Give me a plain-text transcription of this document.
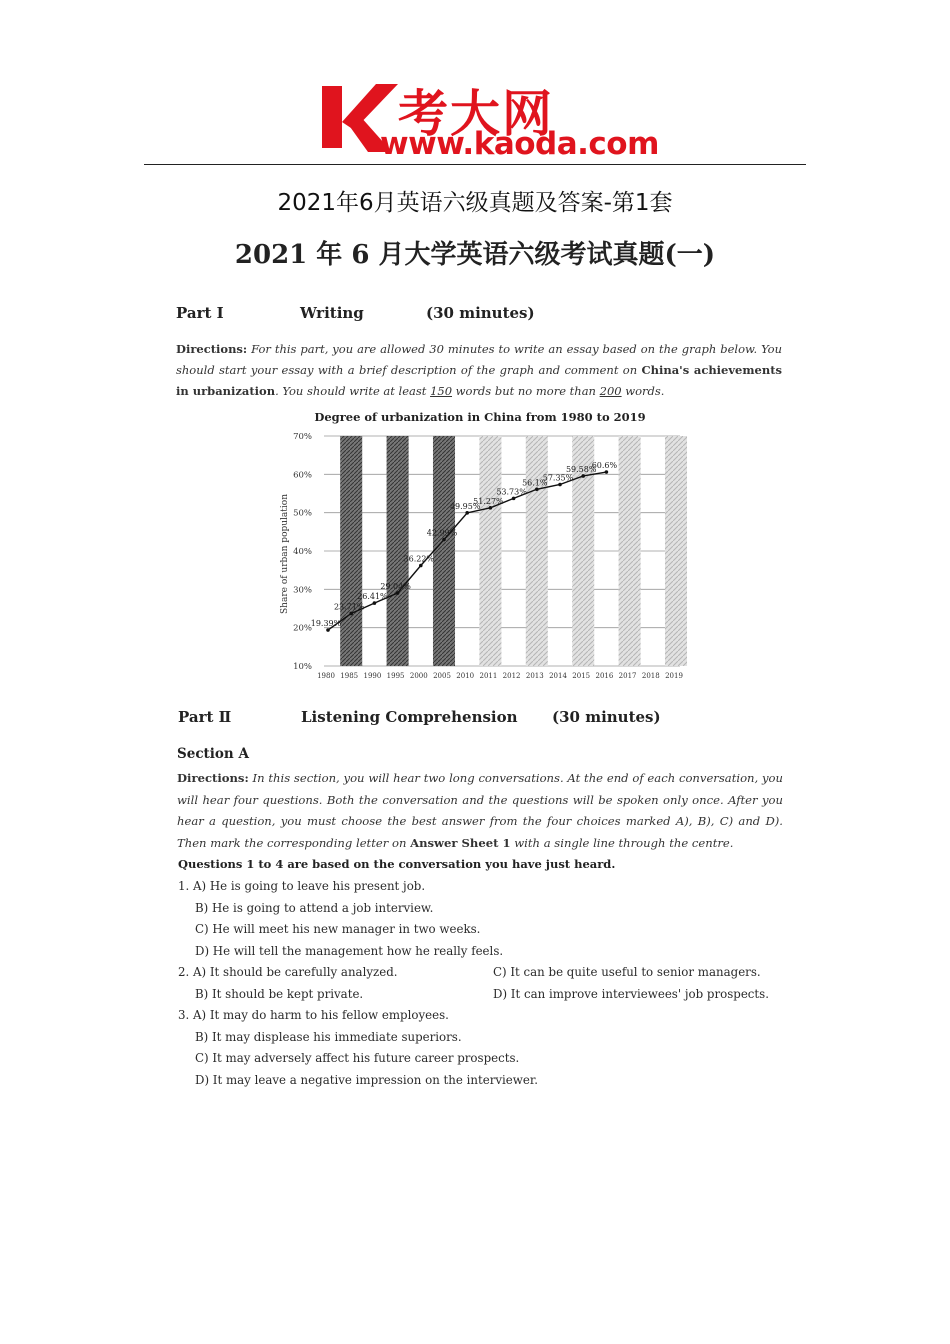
考大网
www.kaoda.com
2021年6月英语六级真题及答案-第1套
2021 年 6 月大学英语六级考试真题(一)
Part Ⅰ	Writing	(30 minutes)
Directions: For this part, you are allowed 30 minutes to write an essay based on the graph below. You should start your essay with a brief description of the graph and comment on China's achievements in urbanization. You should write at least 150 words but no more than 200 words.
Degree of urbanization in China from 1980 to 2019
Share of urban population
10%
20%
30%
40%
50%
60%
70%
1980 1985 1990 1995 2000 2005 2010 2011 2012 2013 2014 2015 2016 2017 2018 2019
19.39%
23.71%
26.41%
29.04%
36.22%
42.99%
49.95%
51.27%
53.73%
56.1%
57.35%
59.58%
60.6%
Part Ⅱ	Listening Comprehension (30 minutes)
Section A
Directions: In this section, you will hear two long conversations. At the end of each conversation, you will hear four questions. Both the conversation and the questions will be spoken only once. After you hear a question, you must choose the best answer from the four choices marked A), B), C) and D). Then mark the corresponding letter on Answer Sheet 1 with a single line through the centre.
Questions 1 to 4 are based on the conversation you have just heard.
1. A) He is going to leave his present job.
B) He is going to attend a job interview.
C) He will meet his new manager in two weeks.
D) He will tell the management how he really feels.
2. A) It should be carefully analyzed.	C) It can be quite useful to senior managers.
B) It should be kept private.	D) It can improve interviewees' job prospects.
3. A) It may do harm to his fellow employees.
B) It may displease his immediate superiors.
C) It may adversely affect his future career prospects.
D) It may leave a negative impression on the interviewer.
